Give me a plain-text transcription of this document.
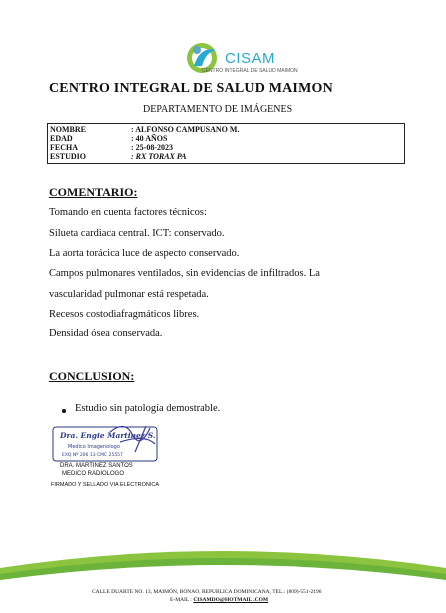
CISAM
CENTRO INTEGRAL DE SALUD MAIMON
CENTRO INTEGRAL DE SALUD MAIMON
DEPARTAMENTO DE IMÁGENES
NOMBRE	: ALFONSO CAMPUSANO M.
EDAD	: 40 AÑOS
FECHA	: 25-08-2023
ESTUDIO	: RX TORAX PA
COMENTARIO:
Tomando en cuenta factores técnicos:
Silueta cardiaca central. ICT: conservado.
La aorta torácica luce de aspecto conservado.
Campos pulmonares ventilados, sin evidencias de infiltrados. La
vascularidad pulmonar está respetada.
Recesos costodiafragmáticos libres.
Densidad ósea conservada.
CONCLUSION:
Estudio sin patología demostrable.
Dra. Engie Martinez S.
Medico Imagenologo
EXQ Nº 206 13 CMC 25557
DRA. MARTINEZ SANTOS
MEDICO RADIOLOGO
FIRMADO Y SELLADO VIA ELECTRONICA
CALLE DUARTE NO. 13, MAIMÓN, BONAO, REPUBLICA DOMINICANA, TEL.: (809)-551-2196
E-MAIL : CISAMDO@HOTMAIL .COM
